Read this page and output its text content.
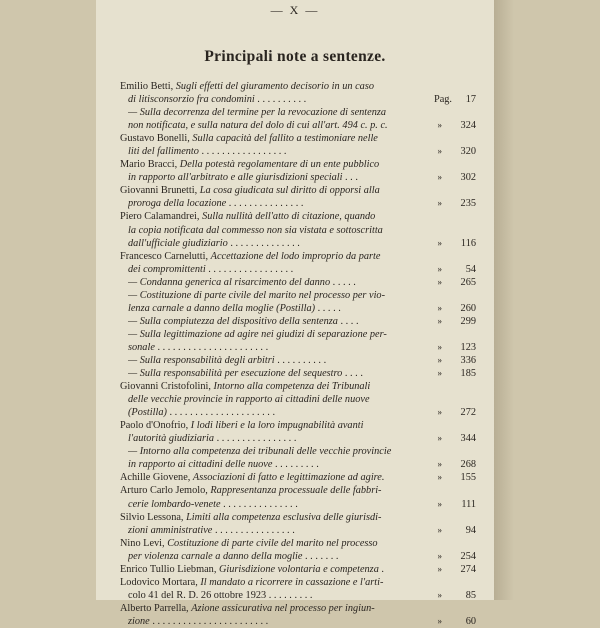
— X —
Principali note a sentenze.
Emilio Betti, Sugli effetti del giuramento decisorio in un caso
di litisconsorzio fra condomini . . . . . . . . . .	Pag.	17
— Sulla decorrenza del termine per la revocazione di sentenza
non notificata, e sulla natura del dolo di cui all'art. 494 c. p. c.	»	324
Gustavo Bonelli, Sulla capacità del fallito a testimoniare nelle
liti del fallimento . . . . . . . . . . . . . . . . .	»	320
Mario Bracci, Della potestà regolamentare di un ente pubblico
in rapporto all'arbitrato e alle giurisdizioni speciali . . .	»	302
Giovanni Brunetti, La cosa giudicata sul diritto di opporsi alla
proroga della locazione . . . . . . . . . . . . . . .	»	235
Piero Calamandrei, Sulla nullità dell'atto di citazione, quando
la copia notificata dal commesso non sia vistata e sottoscritta
dall'ufficiale giudiziario . . . . . . . . . . . . . .	»	116
Francesco Carnelutti, Accettazione del lodo improprio da parte
dei compromittenti . . . . . . . . . . . . . . . . .	»	54
— Condanna generica al risarcimento del danno . . . . .	»	265
— Costituzione di parte civile del marito nel processo per vio-
lenza carnale a danno della moglie (Postilla) . . . . .	»	260
— Sulla compiutezza del dispositivo della sentenza . . . .	»	299
— Sulla legittimazione ad agire nei giudizi di separazione per-
sonale . . . . . . . . . . . . . . . . . . . . . .	»	123
— Sulla responsabilità degli arbitri . . . . . . . . . .	»	336
— Sulla responsabilità per esecuzione del sequestro . . . .	»	185
Giovanni Cristofolini, Intorno alla competenza dei Tribunali
delle vecchie provincie in rapporto ai cittadini delle nuove
(Postilla) . . . . . . . . . . . . . . . . . . . . .	»	272
Paolo d'Onofrio, I lodi liberi e la loro impugnabilità avanti
l'autorità giudiziaria . . . . . . . . . . . . . . . .	»	344
— Intorno alla competenza dei tribunali delle vecchie provincie
in rapporto ai cittadini delle nuove . . . . . . . . .	»	268
Achille Giovene, Associazioni di fatto e legittimazione ad agire.	»	155
Arturo Carlo Jemolo, Rappresentanza processuale delle fabbri-
cerie lombardo-venete . . . . . . . . . . . . . . .	»	111
Silvio Lessona, Limiti alla competenza esclusiva delle giurisdi-
zioni amministrative . . . . . . . . . . . . . . . .	»	94
Nino Levi, Costituzione di parte civile del marito nel processo
per violenza carnale a danno della moglie . . . . . . .	»	254
Enrico Tullio Liebman, Giurisdizione volontaria e competenza .	»	274
Lodovico Mortara, Il mandato a ricorrere in cassazione e l'arti-
colo 41 del R. D. 26 ottobre 1923 . . . . . . . . .	»	85
Alberto Parrella, Azione assicurativa nel processo per ingiun-
zione . . . . . . . . . . . . . . . . . . . . . . .	»	60
